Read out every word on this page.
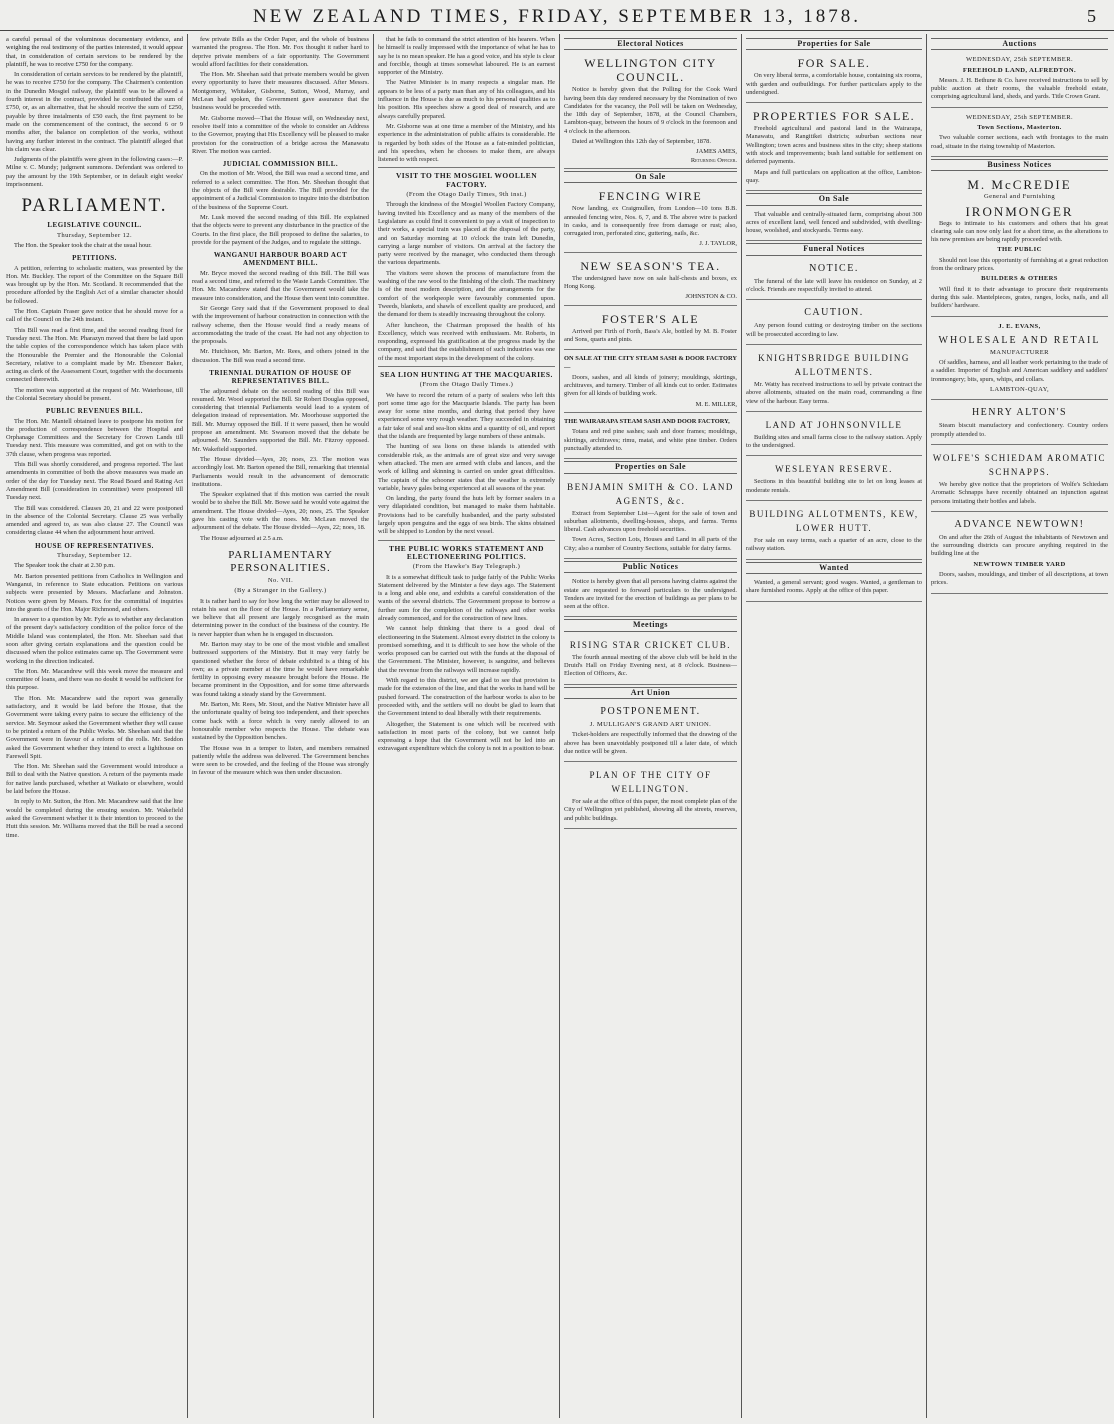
NEW ZEALAND TIMES, FRIDAY, SEPTEMBER 13, 1878.	5

a careful perusal of the voluminous documentary evidence, and weighing the real testimony of the parties interested, it would appear that, in consideration of certain services to be rendered by the plaintiff, he was to receive £750 for the company.

In consideration of certain services to be rendered by the plaintiff, he was to receive £750 for the company. The Chairmen's contention in the Dunedin Mosgiel railway, the plaintiff was to be allowed a fourth interest in the contract, provided he contributed the sum of £750, or, as an alternative, that he should receive the sum of £250, payable by three instalments of £50 each, the first payment to be made on the commencement of the contract, the second 6 or 9 months after, the balance on completion of the works, without having any further interest in the contract. The plaintiff alleged that his claim was clear.

Judgments of the plaintiffs were given in the following cases:—P. Milne v. C. Mundy; judgment summons. Defendant was ordered to pay the amount by the 19th September, or in default eight weeks' imprisonment.

PARLIAMENT.
LEGISLATIVE COUNCIL.
Thursday, September 12.

The Hon. the Speaker took the chair at the usual hour.

PETITIONS.

A petition, referring to scholastic matters, was presented by the Hon. Mr. Buckley. The report of the Committee on the Square Bill was brought up by the Hon. Mr. Scotland. It recommended that the procedure afforded by the English Act of a similar character should be followed.

The Hon. Captain Fraser gave notice that he should move for a call of the Council on the 24th instant.

This Bill was read a first time, and the second reading fixed for Tuesday next. The Hon. Mr. Pharazyn moved that there be laid upon the table copies of the correspondence which has taken place with the Honourable the Premier and the Honourable the Colonial Secretary, relative to a complaint made by Mr. Ebenezer Baker, acting as clerk of the Assessment Court, together with the documents connected therewith.

The motion was supported at the request of Mr. Waterhouse, till the Colonial Secretary should be present.

PUBLIC REVENUES BILL.

The Hon. Mr. Mantell obtained leave to postpone his motion for the production of correspondence between the Hospital and Orphanage Committees and the Secretary for Crown Lands till Tuesday next. This measure was committed, and got on with to the 37th clause, when progress was reported.

This Bill was shortly considered, and progress reported. The last amendments in committee of both the above measures was made an order of the day for Tuesday next. The Road Board and Rating Act Amendment Bill (consideration in committee) were postponed till Tuesday next.

The Bill was considered. Clauses 20, 21 and 22 were postponed in the absence of the Colonial Secretary. Clause 25 was verbally amended and agreed to, as was also clause 27. The Council was considering clause 44 when the adjournment hour arrived.

HOUSE OF REPRESENTATIVES.
Thursday, September 12.

The Speaker took the chair at 2.30 p.m.

Mr. Barton presented petitions from Catholics in Wellington and Wanganui, in reference to State education. Petitions on various subjects were presented by Messrs. Macfarlane and Johnston. Notices were given by Messrs. Fox for the committal of inquiries into the grants of the Hon. Major Richmond, and others.

In answer to a question by Mr. Fyfe as to whether any declaration of the present day's satisfactory condition of the police force of the Middle Island was contemplated, the Hon. Mr. Sheehan said that soon after giving certain explanations and the question could be discussed when the police estimates came up. The Government were working in the direction indicated.

The Hon. Mr. Macandrew will this week move the measure and committee of loans, and there was no doubt it would be sufficient for this purpose.

The Hon. Mr. Macandrew said the report was generally satisfactory, and it would be laid before the House, that the Government were taking every pains to secure the efficiency of the service. Mr. Seymour asked the Government whether they will cause to be printed a return of the Public Works. Mr. Sheehan said that the Government were in favour of a reform of the rolls. Mr. Seddon asked the Government whether they intend to erect a lighthouse on Farewell Spit.

The Hon. Mr. Sheehan said the Government would introduce a Bill to deal with the Native question. A return of the payments made for native lands purchased, whether at Waikato or elsewhere, would be laid before the House.

In reply to Mr. Sutton, the Hon. Mr. Macandrew said that the line would be completed during the ensuing session. Mr. Wakefield asked the Government whether it is their intention to proceed to the Hutt this session. Mr. Williams moved that the Bill be read a second time.

few private Bills as the Order Paper, and the whole of business warranted the progress. The Hon. Mr. Fox thought it rather hard to deprive private members of a fair opportunity. The Government would afford facilities for their consideration.

The Hon. Mr. Sheehan said that private members would be given every opportunity to have their measures discussed. After Messrs. Montgomery, Whitaker, Gisborne, Sutton, Wood, Murray, and McLean had spoken, the Government gave assurance that the business would be proceeded with.

Mr. Gisborne moved—That the House will, on Wednesday next, resolve itself into a committee of the whole to consider an Address to the Governor, praying that His Excellency will be pleased to make provision for the construction of a bridge across the Manawatu River. The motion was carried.

JUDICIAL COMMISSION BILL.

On the motion of Mr. Wood, the Bill was read a second time, and referred to a select committee. The Hon. Mr. Sheehan thought that the objects of the Bill were desirable. The Bill provided for the appointment of a Judicial Commission to inquire into the distribution of the business of the Supreme Court.

Mr. Lusk moved the second reading of this Bill. He explained that the objects were to prevent any disturbance in the practice of the Courts. In the first place, the Bill proposed to define the salaries, to provide for the payment of the Judges, and to regulate the sittings.

WANGANUI HARBOUR BOARD ACT AMENDMENT BILL.

Mr. Bryce moved the second reading of this Bill. The Bill was read a second time, and referred to the Waste Lands Committee. The Hon. Mr. Macandrew stated that the Government would take the measure into consideration, and the House then went into committee.

Sir George Grey said that if the Government proposed to deal with the improvement of harbour construction in connection with the railway scheme, then the House would find a ready means of accommodating the trade of the coast. He had not any objection to the proposals.

Mr. Hutchison, Mr. Barton, Mr. Rees, and others joined in the discussion. The Bill was read a second time.

TRIENNIAL DURATION OF HOUSE OF REPRESENTATIVES BILL.

The adjourned debate on the second reading of this Bill was resumed. Mr. Wood supported the Bill. Sir Robert Douglas opposed, considering that triennial Parliaments would lead to a system of delegation instead of representation. Mr. Moorhouse supported the Bill. Mr. Murray opposed the Bill. If it were passed, then he would propose an amendment. Mr. Swanson moved that the debate be adjourned. Mr. Saunders supported the Bill. Mr. Fitzroy opposed. Mr. Wakefield supported.

The House divided—Ayes, 20; noes, 23. The motion was accordingly lost. Mr. Barton opened the Bill, remarking that triennial Parliaments would result in the advancement of democratic institutions.

The Speaker explained that if this motion was carried the result would be to shelve the Bill. Mr. Bowe said he would vote against the amendment. The House divided—Ayes, 20; noes, 25. The Speaker gave his casting vote with the noes. Mr. McLean moved the adjournment of the debate. The House divided—Ayes, 22; noes, 18.

The House adjourned at 2.5 a.m.

PARLIAMENTARY PERSONALITIES.
No. VII.
(By a Stranger in the Gallery.)

It is rather hard to say for how long the writer may be allowed to retain his seat on the floor of the House. In a Parliamentary sense, we believe that all present are largely recognised as the main determining power in the conduct of the business of the country. He is never happier than when he is engaged in discussion.

Mr. Barton may stay to be one of the most visible and smallest buttressed supporters of the Ministry. But it may very fairly be questioned whether the force of debate exhibited is a thing of his own; as a private member at the time he would have remarkable fertility in opposing every measure brought before the House. He became prominent in the Opposition, and for some time afterwards was found taking a steady stand by the Government.

Mr. Barton, Mr. Rees, Mr. Stout, and the Native Minister have all the unfortunate quality of being too independent, and their speeches come back with a force which is very rarely allowed to an honourable member who respects the House. The debate was sustained by the Opposition benches.

The House was in a temper to listen, and members remained patiently while the address was delivered. The Government benches were seen to be crowded, and the feeling of the House was strongly in favour of the measure which was then under discussion.

that he fails to command the strict attention of his hearers. When he himself is really impressed with the importance of what he has to say he is no mean speaker. He has a good voice, and his style is clear and forcible, though at times somewhat laboured. He is an earnest supporter of the Ministry.

The Native Minister is in many respects a singular man. He appears to be less of a party man than any of his colleagues, and his influence in the House is due as much to his personal qualities as to his position. His speeches show a good deal of research, and are always carefully prepared.

Mr. Gisborne was at one time a member of the Ministry, and his experience in the administration of public affairs is considerable. He is regarded by both sides of the House as a fair-minded politician, and his speeches, when he chooses to make them, are always listened to with respect.

VISIT TO THE MOSGIEL WOOLLEN FACTORY.
(From the Otago Daily Times, 9th inst.)

Through the kindness of the Mosgiel Woollen Factory Company, having invited his Excellency and as many of the members of the Legislature as could find it convenient to pay a visit of inspection to their works, a special train was placed at the disposal of the party, and on Saturday morning at 10 o'clock the train left Dunedin, carrying a large number of visitors. On arrival at the factory the party were received by the manager, who conducted them through the various departments.

The visitors were shown the process of manufacture from the washing of the raw wool to the finishing of the cloth. The machinery is of the most modern description, and the arrangements for the comfort of the workpeople were favourably commented upon. Tweeds, blankets, and shawls of excellent quality are produced, and the demand for them is steadily increasing throughout the colony.

After luncheon, the Chairman proposed the health of his Excellency, which was received with enthusiasm. Mr. Roberts, in responding, expressed his gratification at the progress made by the company, and said that the establishment of such industries was one of the most important steps in the development of the colony.

SEA LION HUNTING AT THE MACQUARIES.
(From the Otago Daily Times.)

We have to record the return of a party of sealers who left this port some time ago for the Macquarie Islands. The party has been away for some nine months, and during that period they have experienced some very rough weather. They succeeded in obtaining a fair take of seal and sea-lion skins and a quantity of oil, and report that the islands are frequented by large numbers of these animals.

The hunting of sea lions on these islands is attended with considerable risk, as the animals are of great size and very savage when attacked. The men are armed with clubs and lances, and the work of killing and skinning is carried on under great difficulties. The captain of the schooner states that the weather is extremely variable, heavy gales being experienced at all seasons of the year.

On landing, the party found the huts left by former sealers in a very dilapidated condition, but managed to make them habitable. Provisions had to be carefully husbanded, and the party subsisted largely upon penguins and the eggs of sea birds. The skins obtained will be shipped to London by the next vessel.

THE PUBLIC WORKS STATEMENT AND ELECTIONEERING POLITICS.
(From the Hawke's Bay Telegraph.)

It is a somewhat difficult task to judge fairly of the Public Works Statement delivered by the Minister a few days ago. The Statement is a long and able one, and exhibits a careful consideration of the wants of the several districts. The Government propose to borrow a further sum for the completion of the railways and other works already commenced, and for the construction of new lines.

We cannot help thinking that there is a good deal of electioneering in the Statement. Almost every district in the colony is promised something, and it is difficult to see how the whole of the works proposed can be carried out with the funds at the disposal of the Government. The Minister, however, is sanguine, and believes that the revenue from the railways will increase rapidly.

With regard to this district, we are glad to see that provision is made for the extension of the line, and that the works in hand will be pushed forward. The construction of the harbour works is also to be proceeded with, and the settlers will no doubt be glad to learn that the Government intend to deal liberally with their requirements.

Altogether, the Statement is one which will be received with satisfaction in most parts of the colony, but we cannot help expressing a hope that the Government will not be led into an extravagant expenditure which the colony is not in a position to bear.

Electoral Notices
WELLINGTON CITY COUNCIL.

Notice is hereby given that the Polling for the Cook Ward having been this day rendered necessary by the Nomination of two Candidates for the vacancy, the Poll will be taken on Wednesday, the 18th day of September, 1878, at the Council Chambers, Lambton-quay, between the hours of 9 o'clock in the forenoon and 4 o'clock in the afternoon.

Dated at Wellington this 12th day of September, 1878.

JAMES AMES,
Returning Officer.
On Sale
FENCING WIRE

Now landing, ex Craigmullen, from London—10 tons B.B. annealed fencing wire, Nos. 6, 7, and 8. The above wire is packed in casks, and is consequently free from damage or rust; also, corrugated iron, perforated zinc, guttering, nails, &c.

J. J. TAYLOR,
NEW SEASON'S TEA.

The undersigned have now on sale half-chests and boxes, ex Hong Kong.

JOHNSTON & CO.
FOSTER'S ALE

Arrived per Firth of Forth, Bass's Ale, bottled by M. B. Foster and Sons, quarts and pints.

ON SALE AT THE CITY STEAM SASH & DOOR FACTORY—

Doors, sashes, and all kinds of joinery; mouldings, skirtings, architraves, and turnery. Timber of all kinds cut to order. Estimates given for all kinds of building work.

M. E. MILLER,

THE WAIRARAPA STEAM SASH AND DOOR FACTORY,

Totara and red pine sashes; sash and door frames; mouldings, skirtings, architraves; rimu, matai, and white pine timber. Orders punctually attended to.

Properties on Sale
BENJAMIN SMITH & CO. LAND AGENTS, &c.

Extract from September List—Agent for the sale of town and suburban allotments, dwelling-houses, shops, and farms. Terms liberal. Cash advances upon freehold securities.

Town Acres, Section Lots, Houses and Land in all parts of the City; also a number of Country Sections, suitable for dairy farms.

Public Notices

Notice is hereby given that all persons having claims against the estate are requested to forward particulars to the undersigned. Tenders are invited for the erection of buildings as per plans to be seen at the office.

Meetings
RISING STAR CRICKET CLUB.

The fourth annual meeting of the above club will be held in the Druid's Hall on Friday Evening next, at 8 o'clock. Business—Election of Officers, &c.

Art Union
POSTPONEMENT.
J. MULLIGAN'S GRAND ART UNION.

Ticket-holders are respectfully informed that the drawing of the above has been unavoidably postponed till a later date, of which due notice will be given.

PLAN OF THE CITY OF WELLINGTON.

For sale at the office of this paper, the most complete plan of the City of Wellington yet published, showing all the streets, reserves, and public buildings.

Properties for Sale
FOR SALE.

On very liberal terms, a comfortable house, containing six rooms, with garden and outbuildings. For further particulars apply to the undersigned.

PROPERTIES FOR SALE.

Freehold agricultural and pastoral land in the Wairarapa, Manawatu, and Rangitikei districts; suburban sections near Wellington; town acres and business sites in the city; sheep stations with stock and improvements; bush land suitable for settlement on deferred payments.

Maps and full particulars on application at the office, Lambton-quay.

On Sale

That valuable and centrally-situated farm, comprising about 300 acres of excellent land, well fenced and subdivided, with dwelling-house, woolshed, and stockyards. Terms easy.

Funeral Notices
NOTICE.

The funeral of the late will leave his residence on Sunday, at 2 o'clock. Friends are respectfully invited to attend.

CAUTION.

Any person found cutting or destroying timber on the sections will be prosecuted according to law.

KNIGHTSBRIDGE BUILDING ALLOTMENTS.

Mr. Watty has received instructions to sell by private contract the above allotments, situated on the main road, commanding a fine view of the harbour. Easy terms.

LAND AT JOHNSONVILLE

Building sites and small farms close to the railway station. Apply to the undersigned.

WESLEYAN RESERVE.

Sections in this beautiful building site to let on long leases at moderate rentals.

BUILDING ALLOTMENTS, KEW, LOWER HUTT.

For sale on easy terms, each a quarter of an acre, close to the railway station.

Wanted

Wanted, a general servant; good wages. Wanted, a gentleman to share furnished rooms. Apply at the office of this paper.

Auctions
WEDNESDAY, 25th SEPTEMBER.
FREEHOLD LAND, ALFREDTON.

Messrs. J. H. Bethune & Co. have received instructions to sell by public auction at their rooms, the valuable freehold estate, comprising agricultural land, sheds, and yards. Title Crown Grant.

WEDNESDAY, 25th SEPTEMBER.
Town Sections, Masterton.

Two valuable corner sections, each with frontages to the main road, situate in the rising township of Masterton.

Business Notices
M. McCREDIE
General and Furnishing
IRONMONGER

Begs to intimate to his customers and others that his great clearing sale can now only last for a short time, as the alterations to his new premises are being rapidly proceeded with.

THE PUBLIC

Should not lose this opportunity of furnishing at a great reduction from the ordinary prices.

BUILDERS & OTHERS

Will find it to their advantage to procure their requirements during this sale. Mantelpieces, grates, ranges, locks, nails, and all builders' hardware.

J. E. EVANS,
WHOLESALE AND RETAIL
MANUFACTURER

Of saddles, harness, and all leather work pertaining to the trade of a saddler. Importer of English and American saddlery and saddlers' ironmongery; bits, spurs, whips, and collars.

LAMBTON-QUAY,
HENRY ALTON'S

Steam biscuit manufactory and confectionery. Country orders promptly attended to.

WOLFE'S SCHIEDAM AROMATIC SCHNAPPS.

We hereby give notice that the proprietors of Wolfe's Schiedam Aromatic Schnapps have recently obtained an injunction against persons imitating their bottles and labels.

ADVANCE NEWTOWN!

On and after the 26th of August the inhabitants of Newtown and the surrounding districts can procure anything required in the building line at the

NEWTOWN TIMBER YARD

Doors, sashes, mouldings, and timber of all descriptions, at town prices.
